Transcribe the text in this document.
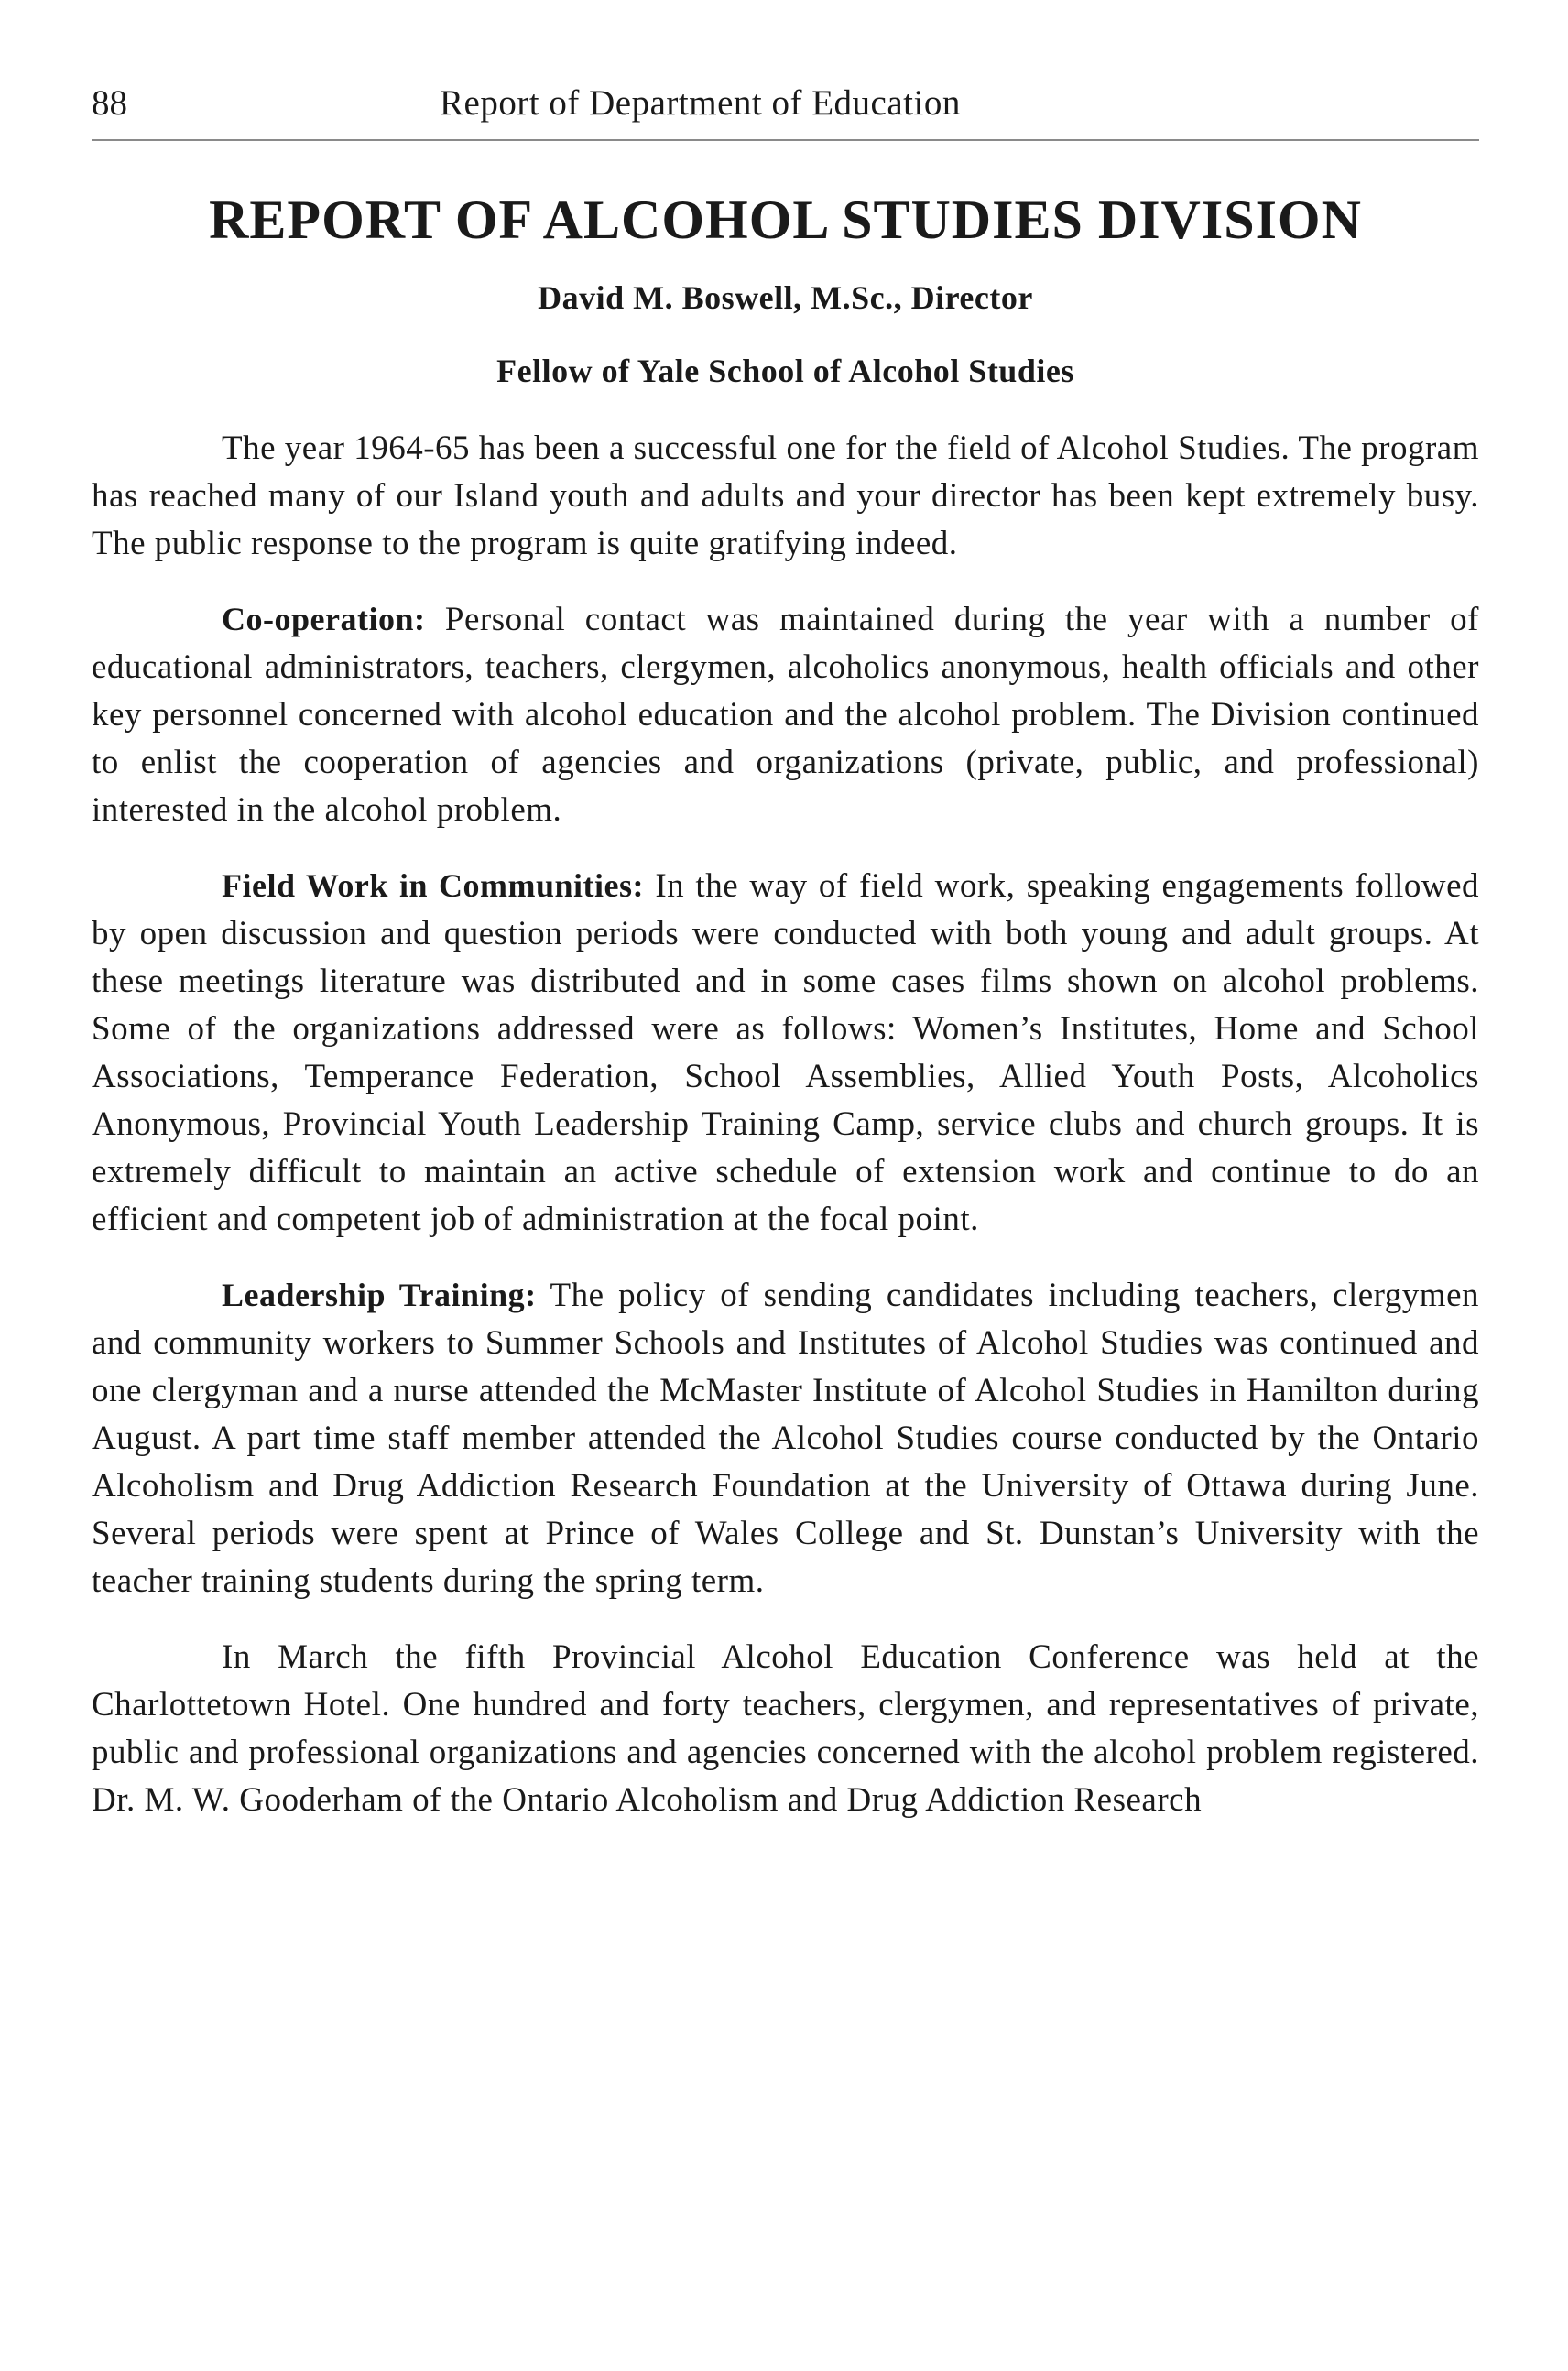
88	Report of Department of Education
REPORT OF ALCOHOL STUDIES DIVISION
David M. Boswell, M.Sc., Director
Fellow of Yale School of Alcohol Studies

The year 1964-65 has been a successful one for the field of Alcohol Studies. The program has reached many of our Island youth and adults and your director has been kept extremely busy. The public response to the program is quite gratifying indeed.

Co-operation: Personal contact was maintained during the year with a number of educational administrators, teachers, clergymen, alcoholics anonymous, health officials and other key personnel concerned with alcohol education and the alcohol problem. The Division continued to enlist the cooperation of agencies and organizations (private, public, and professional) interested in the alcohol problem.

Field Work in Communities: In the way of field work, speaking engagements followed by open discussion and question periods were conducted with both young and adult groups. At these meetings literature was distributed and in some cases films shown on alcohol problems. Some of the organizations addressed were as follows: Women’s Institutes, Home and School Associations, Temperance Federation, School Assemblies, Allied Youth Posts, Alcoholics Anonymous, Provincial Youth Leadership Training Camp, service clubs and church groups. It is extremely difficult to maintain an active schedule of extension work and continue to do an efficient and competent job of administration at the focal point.

Leadership Training: The policy of sending candidates including teachers, clergymen and community workers to Summer Schools and Institutes of Alcohol Studies was continued and one clergyman and a nurse attended the McMaster Institute of Alcohol Studies in Hamilton during August. A part time staff member attended the Alcohol Studies course conducted by the Ontario Alcoholism and Drug Addiction Research Foundation at the University of Ottawa during June. Several periods were spent at Prince of Wales College and St. Dunstan’s University with the teacher training students during the spring term.

In March the fifth Provincial Alcohol Education Conference was held at the Charlottetown Hotel. One hundred and forty teachers, clergymen, and representatives of private, public and professional organizations and agencies concerned with the alcohol problem registered. Dr. M. W. Gooderham of the Ontario Alcoholism and Drug Addiction Research
